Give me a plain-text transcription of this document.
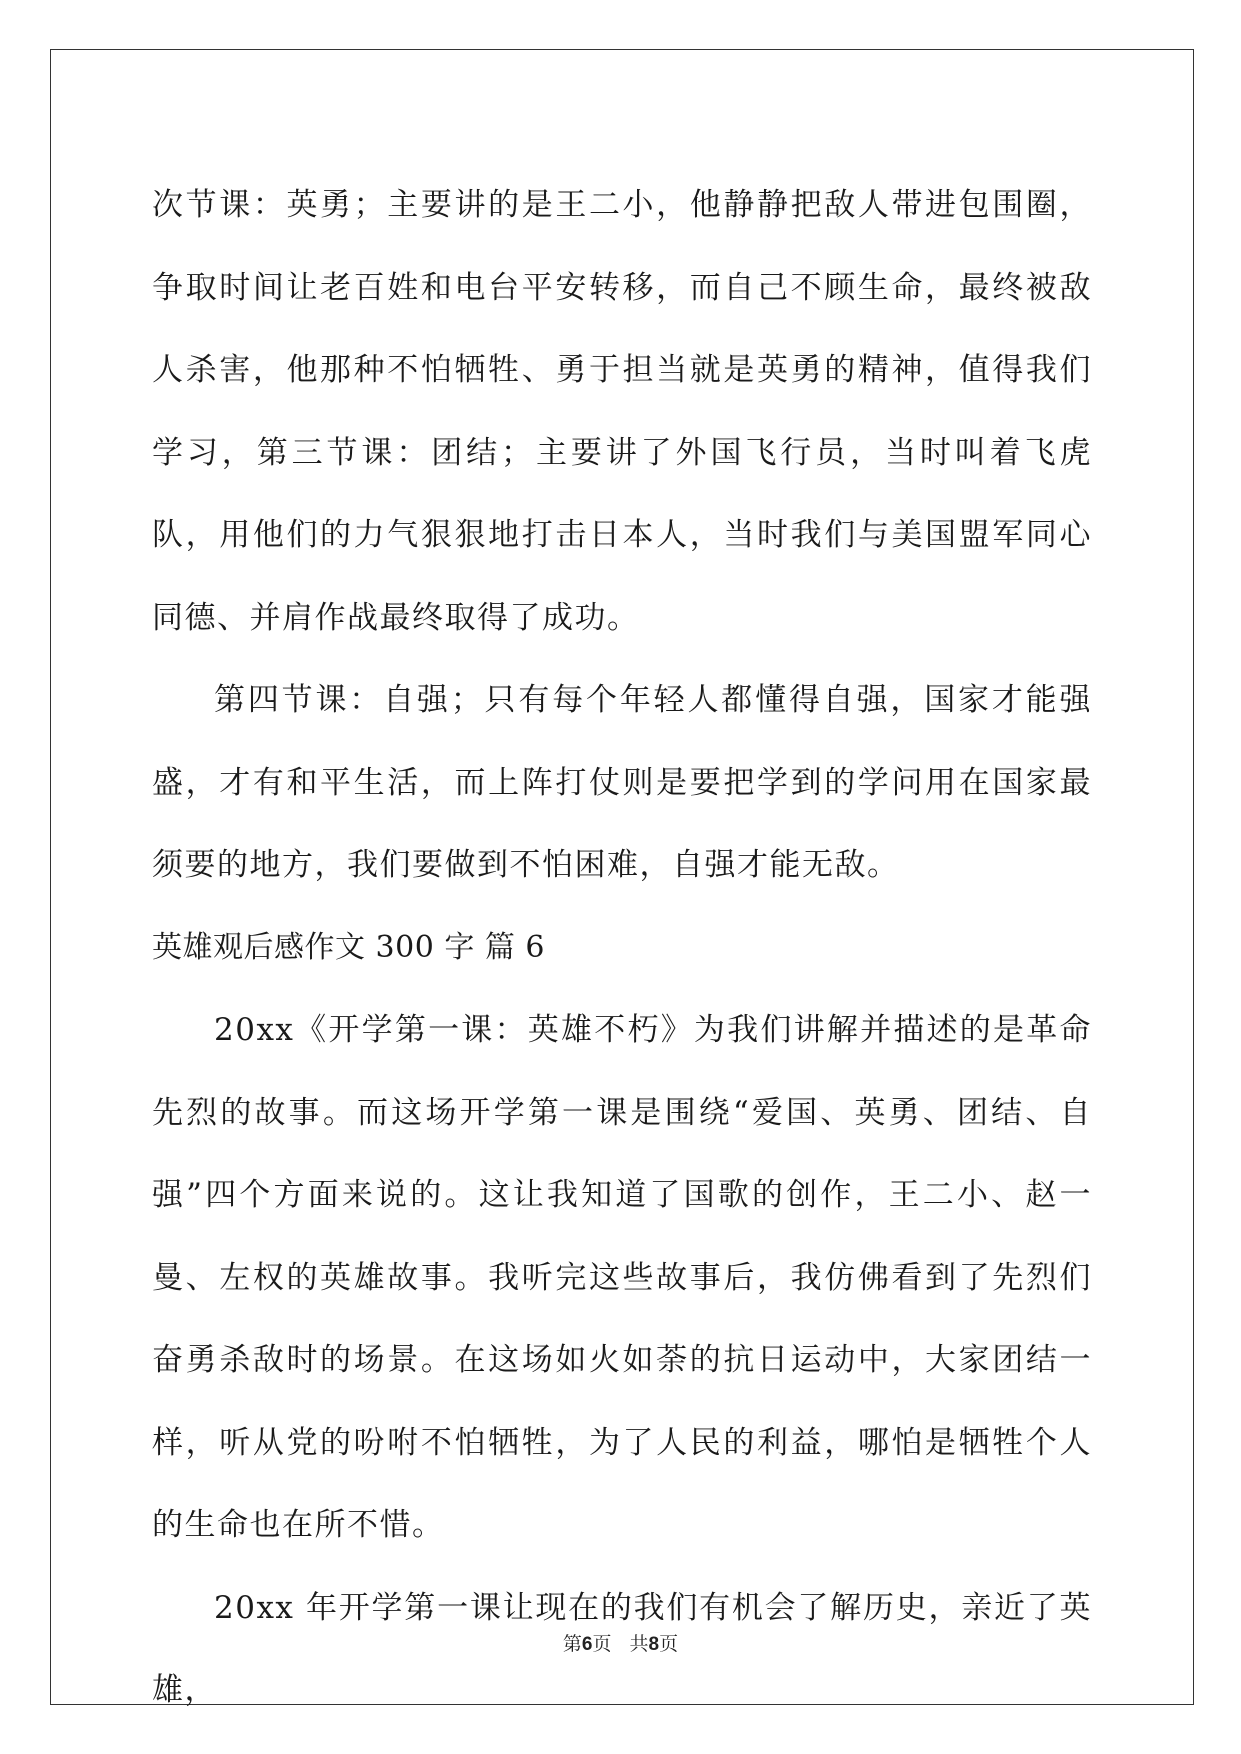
次节课：英勇；主要讲的是王二小，他静静把敌人带进包围圈，争取时间让老百姓和电台平安转移，而自己不顾生命，最终被敌人杀害，他那种不怕牺牲、勇于担当就是英勇的精神，值得我们学习，第三节课：团结；主要讲了外国飞行员，当时叫着飞虎队，用他们的力气狠狠地打击日本人，当时我们与美国盟军同心同德、并肩作战最终取得了成功。

第四节课：自强；只有每个年轻人都懂得自强，国家才能强盛，才有和平生活，而上阵打仗则是要把学到的学问用在国家最须要的地方，我们要做到不怕困难，自强才能无敌。

英雄观后感作文 300 字 篇 6

20xx《开学第一课：英雄不朽》为我们讲解并描述的是革命先烈的故事。而这场开学第一课是围绕“爱国、英勇、团结、自强”四个方面来说的。这让我知道了国歌的创作，王二小、赵一曼、左权的英雄故事。我听完这些故事后，我仿佛看到了先烈们奋勇杀敌时的场景。在这场如火如荼的抗日运动中，大家团结一样，听从党的吩咐不怕牺牲，为了人民的利益，哪怕是牺牲个人的生命也在所不惜。

20xx 年开学第一课让现在的我们有机会了解历史，亲近了英雄，

第6页 共8页
